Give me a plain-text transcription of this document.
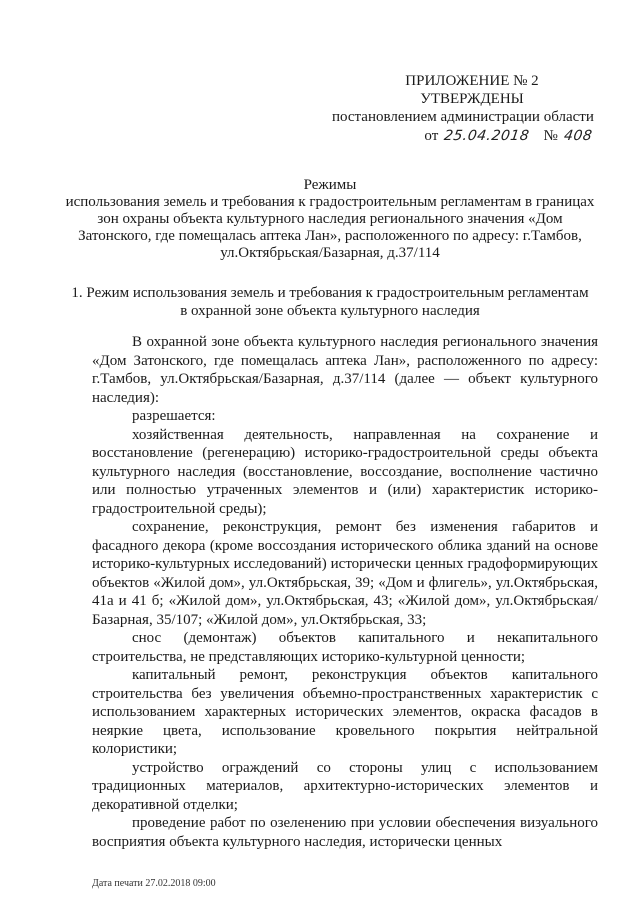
ПРИЛОЖЕНИЕ № 2
УТВЕРЖДЕНЫ
постановлением администрации области
от 25.04.2018 № 408
Режимы
использования земель и требования к градостроительным регламентам в границах зон охраны объекта культурного наследия регионального значения «Дом Затонского, где помещалась аптека Лан», расположенного по адресу: г.Тамбов, ул.Октябрьская/Базарная, д.37/114
1. Режим использования земель и требования к градостроительным регламентам в охранной зоне объекта культурного наследия

В охранной зоне объекта культурного наследия регионального значения «Дом Затонского, где помещалась аптека Лан», расположенного по адресу: г.Тамбов, ул.Октябрьская/Базарная, д.37/114 (далее — объект культурного наследия):

разрешается:

хозяйственная деятельность, направленная на сохранение и восстановление (регенерацию) историко-градостроительной среды объекта культурного наследия (восстановление, воссоздание, восполнение частично или полностью утраченных элементов и (или) характеристик историко-градостроительной среды);

сохранение, реконструкция, ремонт без изменения габаритов и фасадного декора (кроме воссоздания исторического облика зданий на основе историко-культурных исследований) исторически ценных градоформирующих объектов «Жилой дом», ул.Октябрьская, 39; «Дом и флигель», ул.Октябрьская, 41а и 41 б; «Жилой дом», ул.Октябрьская, 43; «Жилой дом», ул.Октябрьская/Базарная, 35/107; «Жилой дом», ул.Октябрьская, 33;

снос (демонтаж) объектов капитального и некапитального строительства, не представляющих историко-культурной ценности;

капитальный ремонт, реконструкция объектов капитального строительства без увеличения объемно-пространственных характеристик с использованием характерных исторических элементов, окраска фасадов в неяркие цвета, использование кровельного покрытия нейтральной колористики;

устройство ограждений со стороны улиц с использованием традиционных материалов, архитектурно-исторических элементов и декоративной отделки;

проведение работ по озеленению при условии обеспечения визуального восприятия объекта культурного наследия, исторически ценных

Дата печати 27.02.2018 09:00
